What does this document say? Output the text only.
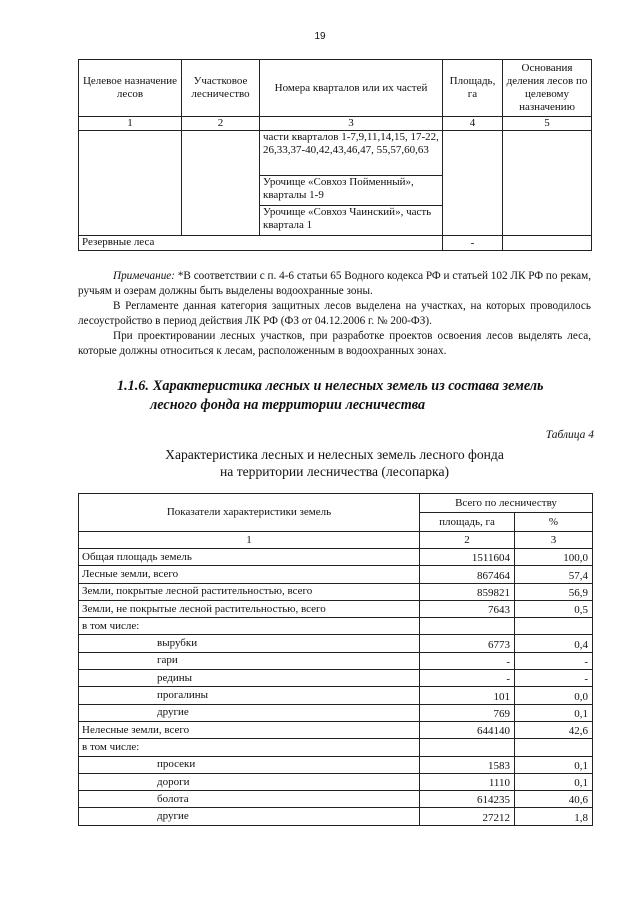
19
Целевое назначение лесов	Участковое лесничество	Номера кварталов или их частей	Площадь, га	Основания деления лесов по целевому назначению
1	2	3	4	5
		части кварталов 1-7,9,11,14,15, 17-22, 26,33,37-40,42,43,46,47, 55,57,60,63		
		Урочище «Совхоз Пойменный», кварталы 1-9		
		Урочище «Совхоз Чаинский», часть квартала 1		
Резервные леса			-	

Примечание: *В соответствии с п. 4-6 статьи 65 Водного кодекса РФ и статьей 102 ЛК РФ по рекам, ручьям и озерам должны быть выделены водоохранные зоны.

В Регламенте данная категория защитных лесов выделена на участках, на которых проводилось лесоустройство в период действия ЛК РФ (ФЗ от 04.12.2006 г. № 200-ФЗ).

При проектировании лесных участков, при разработке проектов освоения лесов выделять леса, которые должны относиться к лесам, расположенным в водоохранных зонах.

1.1.6. Характеристика лесных и нелесных земель из состава земель
лесного фонда на территории лесничества
Таблица 4
Характеристика лесных и нелесных земель лесного фонда
на территории лесничества (лесопарка)
Показатели характеристики земель	Всего по лесничеству	
	площадь, га	%
1	2	3
Общая площадь земель	1511604	100,0
Лесные земли, всего	867464	57,4
Земли, покрытые лесной растительностью, всего	859821	56,9
Земли, не покрытые лесной растительностью, всего	7643	0,5
в том числе:		
вырубки	6773	0,4
гари	-	-
редины	-	-
прогалины	101	0,0
другие	769	0,1
Нелесные земли, всего	644140	42,6
в том числе:		
просеки	1583	0,1
дороги	1110	0,1
болота	614235	40,6
другие	27212	1,8
